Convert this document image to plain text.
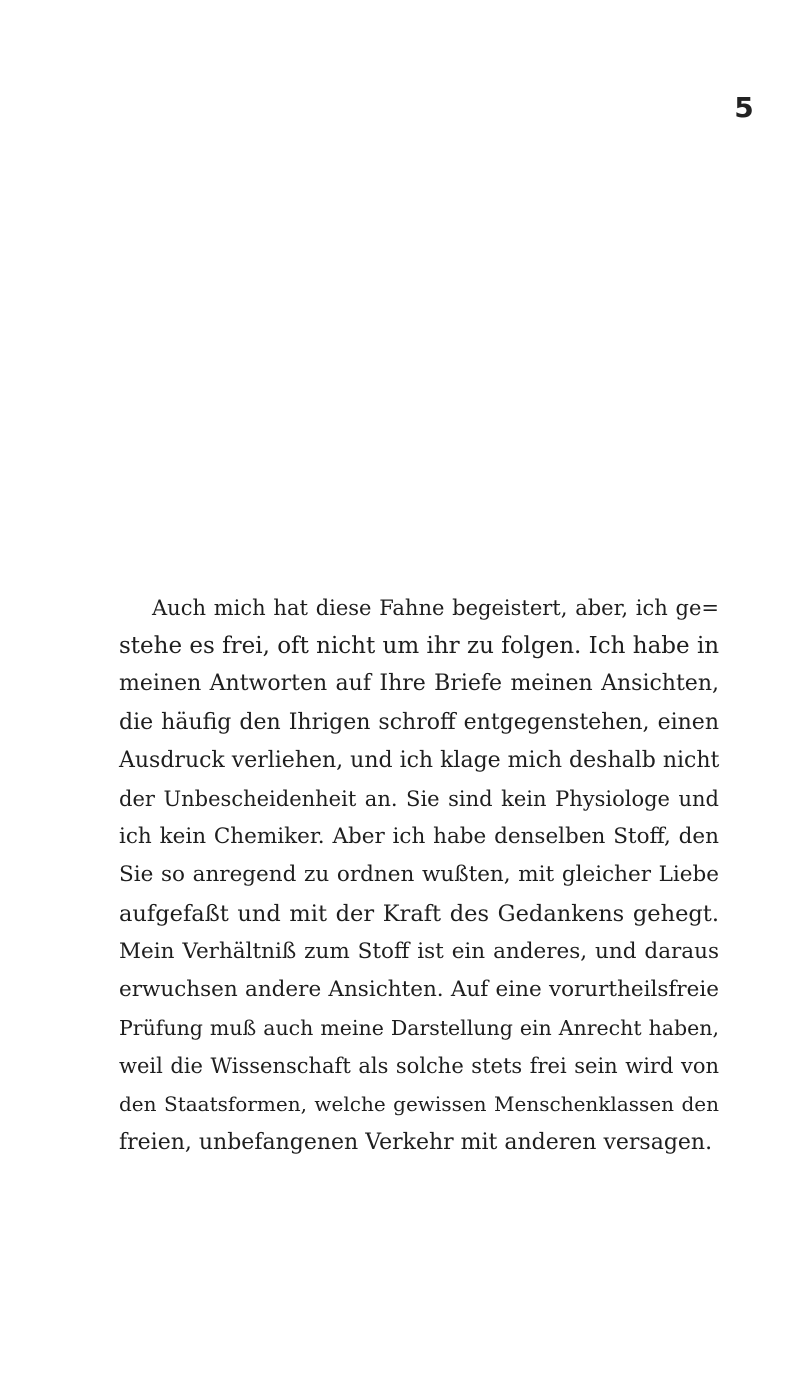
5
Auch mich hat diese Fahne begeistert, aber, ich ge=
stehe es frei, oft nicht um ihr zu folgen. Ich habe in
meinen Antworten auf Ihre Briefe meinen Ansichten,
die häufig den Ihrigen schroff entgegenstehen, einen
Ausdruck verliehen, und ich klage mich deshalb nicht
der Unbescheidenheit an. Sie sind kein Physiologe und
ich kein Chemiker. Aber ich habe denselben Stoff, den
Sie so anregend zu ordnen wußten, mit gleicher Liebe
aufgefaßt und mit der Kraft des Gedankens gehegt.
Mein Verhältniß zum Stoff ist ein anderes, und daraus
erwuchsen andere Ansichten. Auf eine vorurtheilsfreie
Prüfung muß auch meine Darstellung ein Anrecht haben,
weil die Wissenschaft als solche stets frei sein wird von
den Staatsformen, welche gewissen Menschenklassen den
freien, unbefangenen Verkehr mit anderen versagen.
